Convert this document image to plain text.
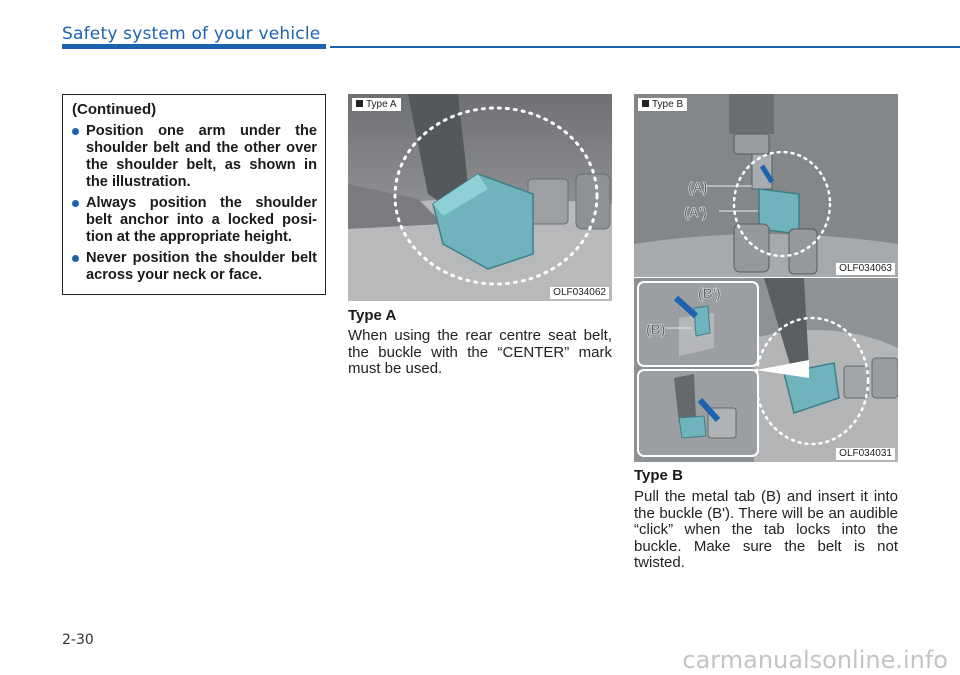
Safety system of your vehicle
(Continued)
Position one arm under the shoulder belt and the other over the shoulder belt, as shown in the illustration.
Always position the shoulder belt anchor into a locked posi-tion at the appropriate height.
Never position the shoulder belt across your neck or face.
Type A
OLF034062
Type A
When using the rear centre seat belt, the buckle with the “CENTER” mark must be used.
(A)
(A')
Type B
OLF034063
(B)
(B')
OLF034031
Type B
Pull the metal tab (B) and insert it into the buckle (B'). There will be an audible “click” when the tab locks into the buckle. Make sure the belt is not twisted.
2-30
carmanualsonline.info
